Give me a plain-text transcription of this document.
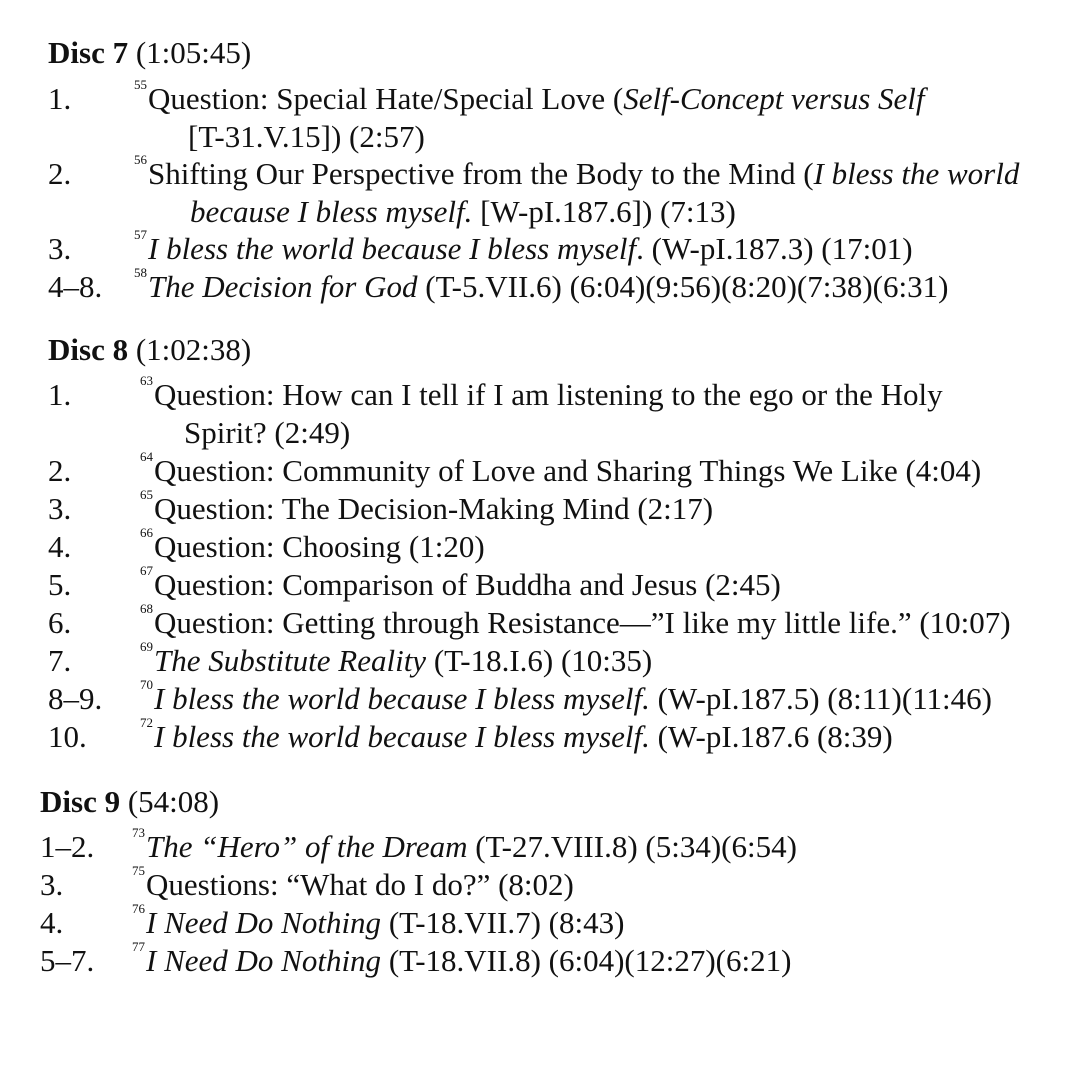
Disc 7 (1:05:45)
1.	$^{55}$Question: Special Hate/Special Love (Self-Concept versus Self
[T-31.V.15]) (2:57)
2.	$^{56}$Shifting Our Perspective from the Body to the Mind (I bless the world
because I bless myself. [W-pI.187.6]) (7:13)
3.	$^{57}$I bless the world because I bless myself. (W-pI.187.3) (17:01)
4–8. $^{58}$The Decision for God (T-5.VII.6) (6:04)(9:56)(8:20)(7:38)(6:31)
Disc 8 (1:02:38)
1.	$^{63}$Question: How can I tell if I am listening to the ego or the Holy
Spirit? (2:49)
2.	$^{64}$Question: Community of Love and Sharing Things We Like (4:04)
3.	$^{65}$Question: The Decision-Making Mind (2:17)
4.	$^{66}$Question: Choosing (1:20)
5.	$^{67}$Question: Comparison of Buddha and Jesus (2:45)
6.	$^{68}$Question: Getting through Resistance—”I like my little life.” (10:07)
7.	$^{69}$The Substitute Reality (T-18.I.6) (10:35)
8–9.	$^{70}$I bless the world because I bless myself. (W-pI.187.5) (8:11)(11:46)
10.	$^{72}$I bless the world because I bless myself. (W-pI.187.6 (8:39)
Disc 9 (54:08)
1–2.	$^{73}$The “Hero” of the Dream (T-27.VIII.8) (5:34)(6:54)
3.	$^{75}$Questions: “What do I do?” (8:02)
4.	$^{76}$I Need Do Nothing (T-18.VII.7) (8:43)
5–7.	$^{77}$I Need Do Nothing (T-18.VII.8) (6:04)(12:27)(6:21)
